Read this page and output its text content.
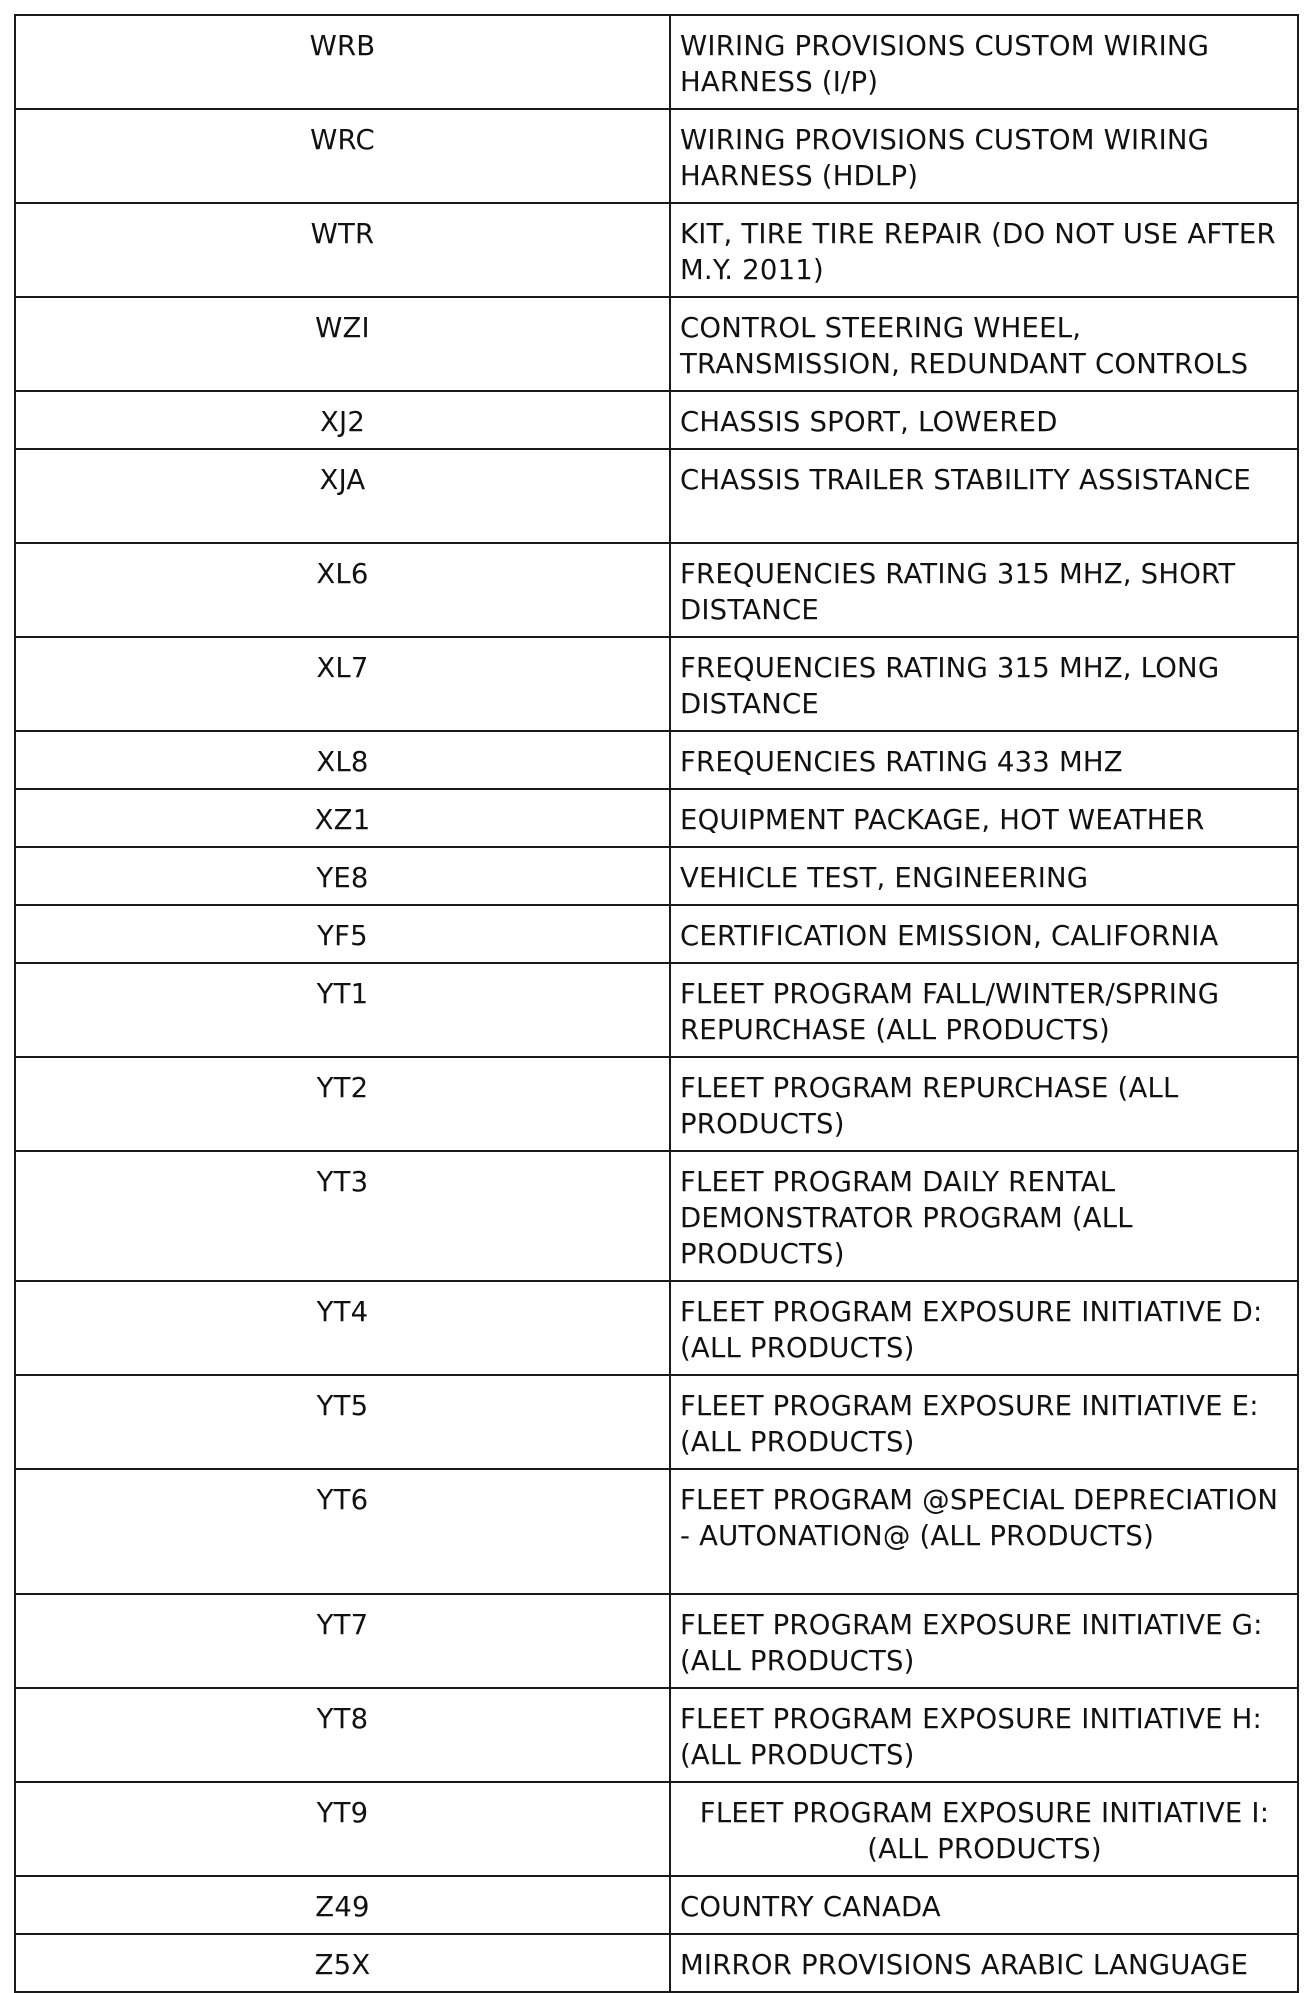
WRB	WIRING PROVISIONS CUSTOM WIRING HARNESS (I/P)
WRC	WIRING PROVISIONS CUSTOM WIRING HARNESS (HDLP)
WTR	KIT, TIRE TIRE REPAIR (DO NOT USE AFTER M.Y. 2011)
WZI	CONTROL STEERING WHEEL, TRANSMISSION, REDUNDANT CONTROLS
XJ2	CHASSIS SPORT, LOWERED
XJA	CHASSIS TRAILER STABILITY ASSISTANCE
XL6	FREQUENCIES RATING 315 MHZ, SHORT DISTANCE
XL7	FREQUENCIES RATING 315 MHZ, LONG DISTANCE
XL8	FREQUENCIES RATING 433 MHZ
XZ1	EQUIPMENT PACKAGE, HOT WEATHER
YE8	VEHICLE TEST, ENGINEERING
YF5	CERTIFICATION EMISSION, CALIFORNIA
YT1	FLEET PROGRAM FALL/WINTER/SPRING REPURCHASE (ALL PRODUCTS)
YT2	FLEET PROGRAM REPURCHASE (ALL PRODUCTS)
YT3	FLEET PROGRAM DAILY RENTAL DEMONSTRATOR PROGRAM (ALL PRODUCTS)
YT4	FLEET PROGRAM EXPOSURE INITIATIVE D: (ALL PRODUCTS)
YT5	FLEET PROGRAM EXPOSURE INITIATIVE E: (ALL PRODUCTS)
YT6	FLEET PROGRAM @SPECIAL DEPRECIATION - AUTONATION@ (ALL PRODUCTS)
YT7	FLEET PROGRAM EXPOSURE INITIATIVE G: (ALL PRODUCTS)
YT8	FLEET PROGRAM EXPOSURE INITIATIVE H: (ALL PRODUCTS)
YT9	FLEET PROGRAM EXPOSURE INITIATIVE I: (ALL PRODUCTS)
Z49	COUNTRY CANADA
Z5X	MIRROR PROVISIONS ARABIC LANGUAGE
